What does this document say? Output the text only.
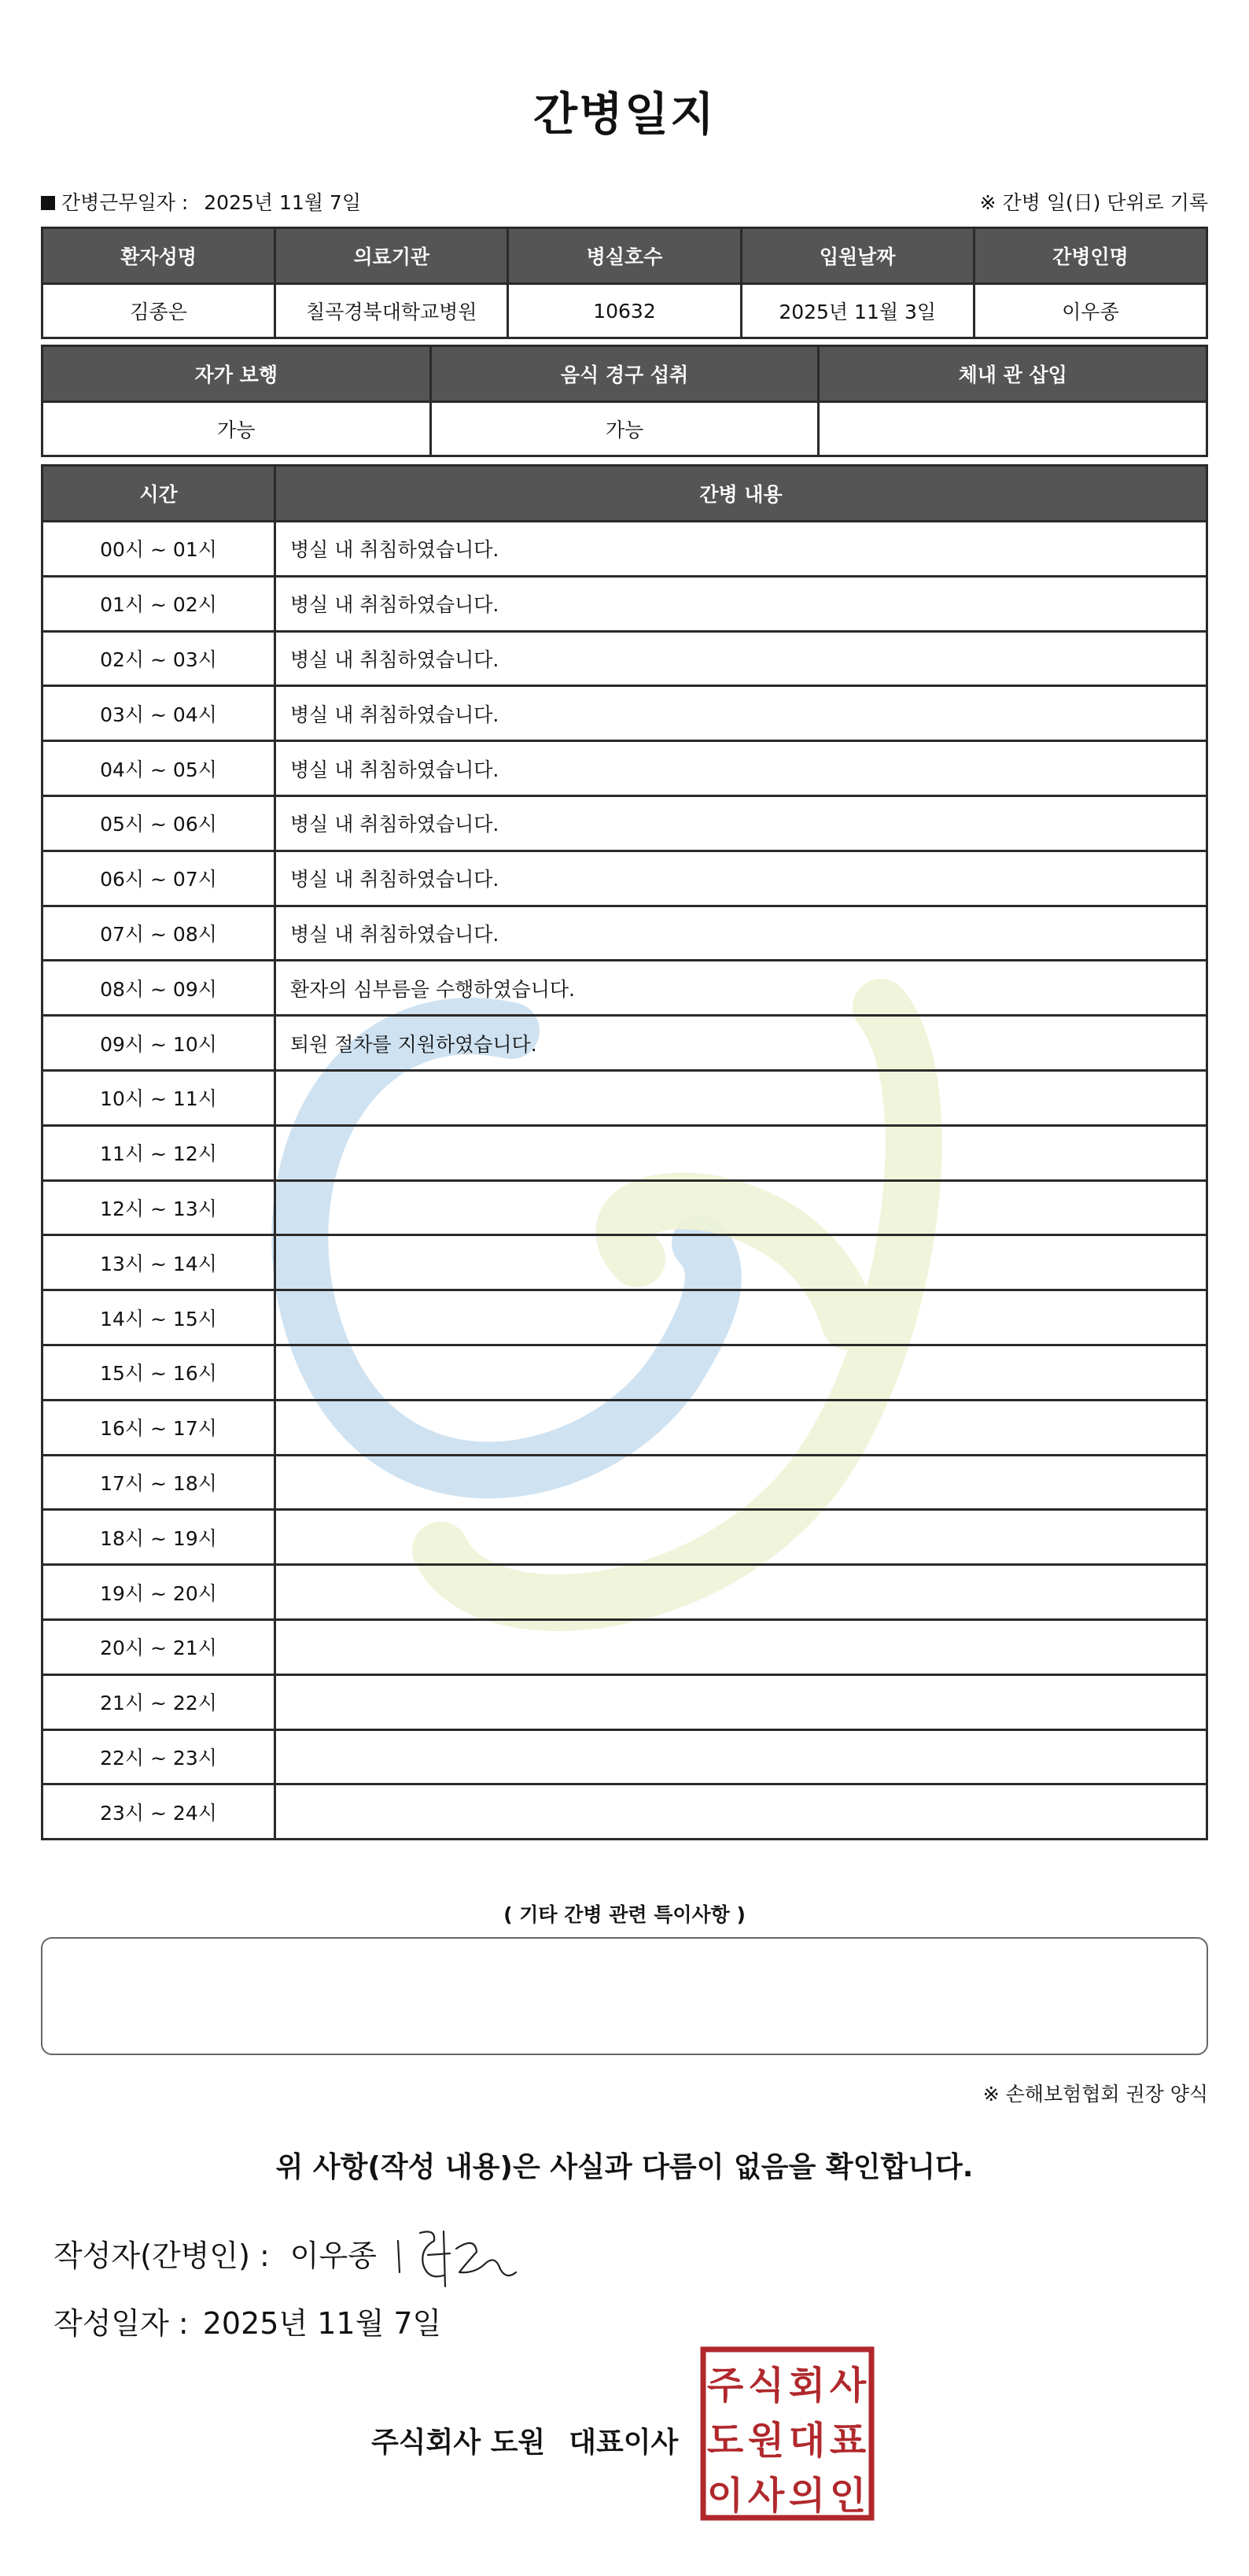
간병일지
간병근무일자 : 2025년 11월 7일	※ 간병 일(日) 단위로 기록
환자성명	의료기관	병실호수	입원날짜	간병인명
김종은	칠곡경북대학교병원	10632	2025년 11월 3일	이우종
자가 보행	음식 경구 섭취	체내 관 삽입
가능	가능	
시간	간병 내용
00시 ~ 01시	병실 내 취침하였습니다.
01시 ~ 02시	병실 내 취침하였습니다.
02시 ~ 03시	병실 내 취침하였습니다.
03시 ~ 04시	병실 내 취침하였습니다.
04시 ~ 05시	병실 내 취침하였습니다.
05시 ~ 06시	병실 내 취침하였습니다.
06시 ~ 07시	병실 내 취침하였습니다.
07시 ~ 08시	병실 내 취침하였습니다.
08시 ~ 09시	환자의 심부름을 수행하였습니다.
09시 ~ 10시	퇴원 절차를 지원하였습니다.
10시 ~ 11시	
11시 ~ 12시	
12시 ~ 13시	
13시 ~ 14시	
14시 ~ 15시	
15시 ~ 16시	
16시 ~ 17시	
17시 ~ 18시	
18시 ~ 19시	
19시 ~ 20시	
20시 ~ 21시	
21시 ~ 22시	
22시 ~ 23시	
23시 ~ 24시	
( 기타 간병 관련 특이사항 )
※ 손해보험협회 권장 양식
위 사항(작성 내용)은 사실과 다름이 없음을 확인합니다.
작성자(간병인) : 이우종
작성일자 : 2025년 11월 7일
주식회사 도원 대표이사
주 식 회 사
도 원 대 표
이 사 의 인
